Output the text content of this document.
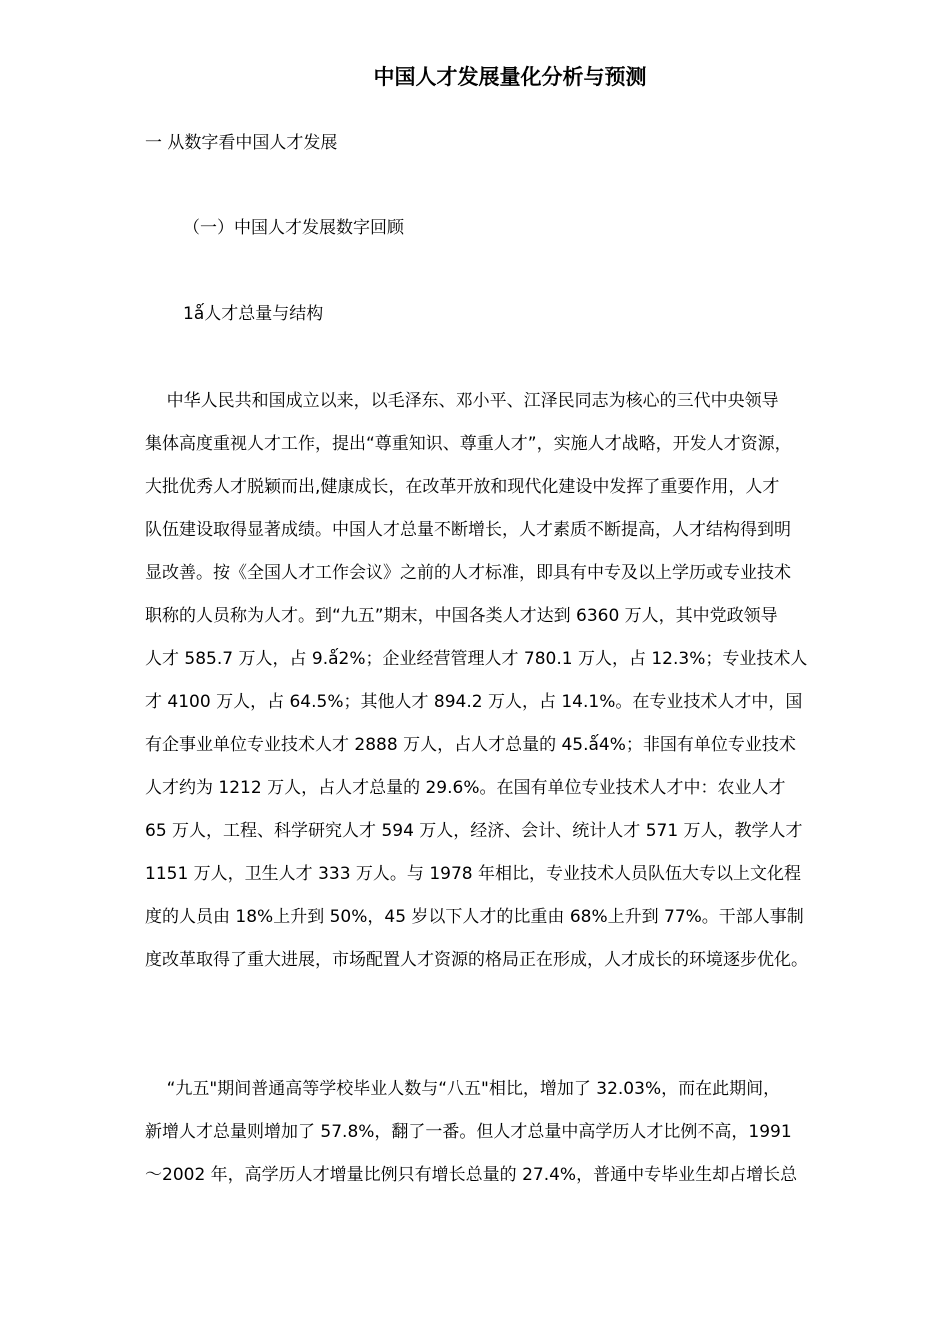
中国人才发展量化分析与预测
一 从数字看中国人才发展
（一）中国人才发展数字回顾
1ǻ人才总量与结构
中华人民共和国成立以来，以毛泽东、邓小平、江泽民同志为核心的三代中央领导
集体高度重视人才工作，提出“尊重知识、尊重人才”，实施人才战略，开发人才资源，
大批优秀人才脱颖而出,健康成长，在改革开放和现代化建设中发挥了重要作用，人才
队伍建设取得显著成绩。中国人才总量不断增长，人才素质不断提高，人才结构得到明
显改善。按《全国人才工作会议》之前的人才标准，即具有中专及以上学历或专业技术
职称的人员称为人才。到“九五”期末，中国各类人才达到 6360 万人，其中党政领导
人才 585.7 万人，占 9.ǻ2%；企业经营管理人才 780.1 万人，占 12.3%；专业技术人
才 4100 万人，占 64.5%；其他人才 894.2 万人，占 14.1%。在专业技术人才中，国
有企事业单位专业技术人才 2888 万人，占人才总量的 45.ǻ4%；非国有单位专业技术
人才约为 1212 万人，占人才总量的 29.6%。在国有单位专业技术人才中：农业人才
65 万人，工程、科学研究人才 594 万人，经济、会计、统计人才 571 万人，教学人才
1151 万人，卫生人才 333 万人。与 1978 年相比，专业技术人员队伍大专以上文化程
度的人员由 18%上升到 50%，45 岁以下人才的比重由 68%上升到 77%。干部人事制
度改革取得了重大进展，市场配置人才资源的格局正在形成，人才成长的环境逐步优化。
“九五"期间普通高等学校毕业人数与“八五"相比，增加了 32.03%，而在此期间，
新增人才总量则增加了 57.8%，翻了一番。但人才总量中高学历人才比例不高，1991
～2002 年，高学历人才增量比例只有增长总量的 27.4%，普通中专毕业生却占增长总
